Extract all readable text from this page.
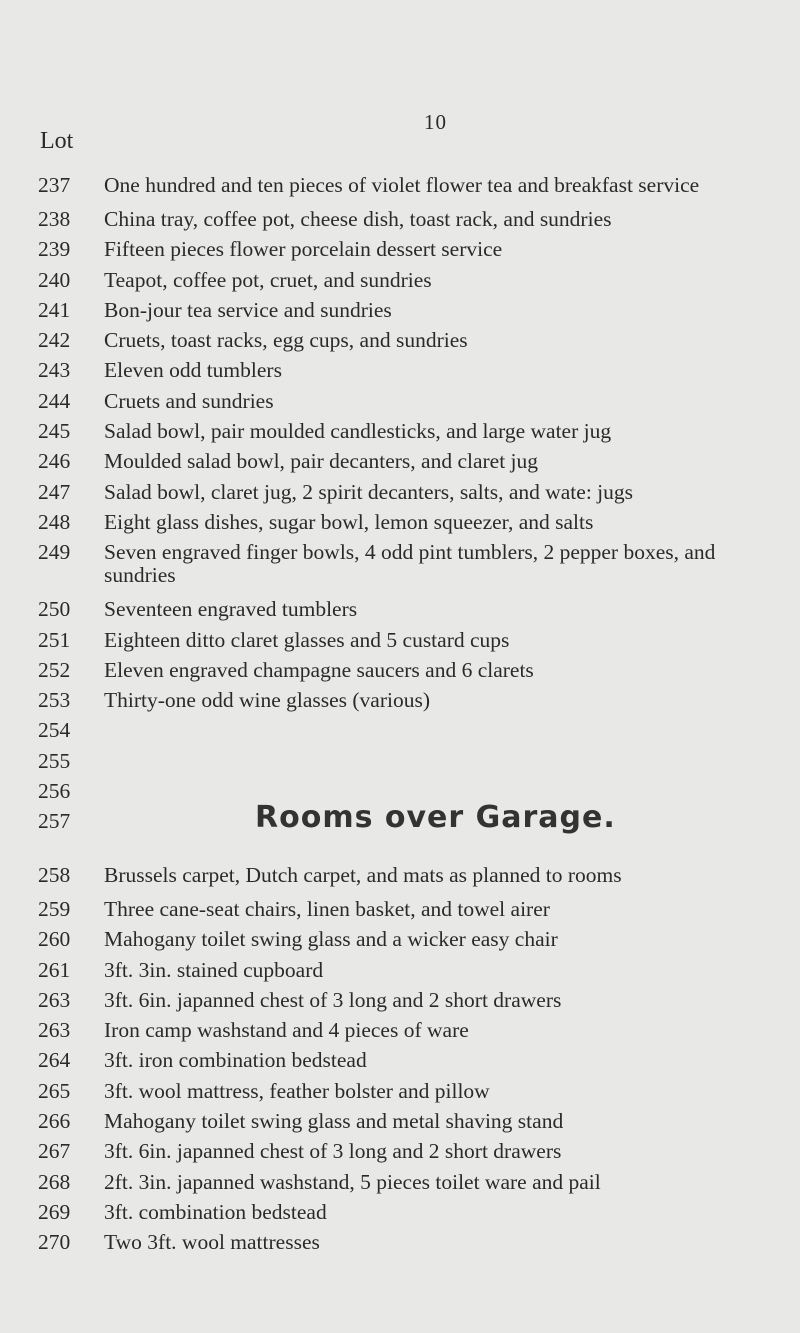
10
Lot
237	One hundred and ten pieces of violet flower tea and breakfast service
238	China tray, coffee pot, cheese dish, toast rack, and sundries
239	Fifteen pieces flower porcelain dessert service
240	Teapot, coffee pot, cruet, and sundries
241	Bon-jour tea service and sundries
242	Cruets, toast racks, egg cups, and sundries
243	Eleven odd tumblers
244	Cruets and sundries
245	Salad bowl, pair moulded candlesticks, and large water jug
246	Moulded salad bowl, pair decanters, and claret jug
247	Salad bowl, claret jug, 2 spirit decanters, salts, and wate: jugs
248	Eight glass dishes, sugar bowl, lemon squeezer, and salts
249	Seven engraved finger bowls, 4 odd pint tumblers, 2 pepper boxes, and sundries
250	Seventeen engraved tumblers
251	Eighteen ditto claret glasses and 5 custard cups
252	Eleven engraved champagne saucers and 6 clarets
253	Thirty-one odd wine glasses (various)
254
255
256
257	Rooms over Garage.
258	Brussels carpet, Dutch carpet, and mats as planned to rooms
259	Three cane-seat chairs, linen basket, and towel airer
260	Mahogany toilet swing glass and a wicker easy chair
261	3ft. 3in. stained cupboard
263	3ft. 6in. japanned chest of 3 long and 2 short drawers
263	Iron camp washstand and 4 pieces of ware
264	3ft. iron combination bedstead
265	3ft. wool mattress, feather bolster and pillow
266	Mahogany toilet swing glass and metal shaving stand
267	3ft. 6in. japanned chest of 3 long and 2 short drawers
268	2ft. 3in. japanned washstand, 5 pieces toilet ware and pail
269	3ft. combination bedstead
270	Two 3ft. wool mattresses
